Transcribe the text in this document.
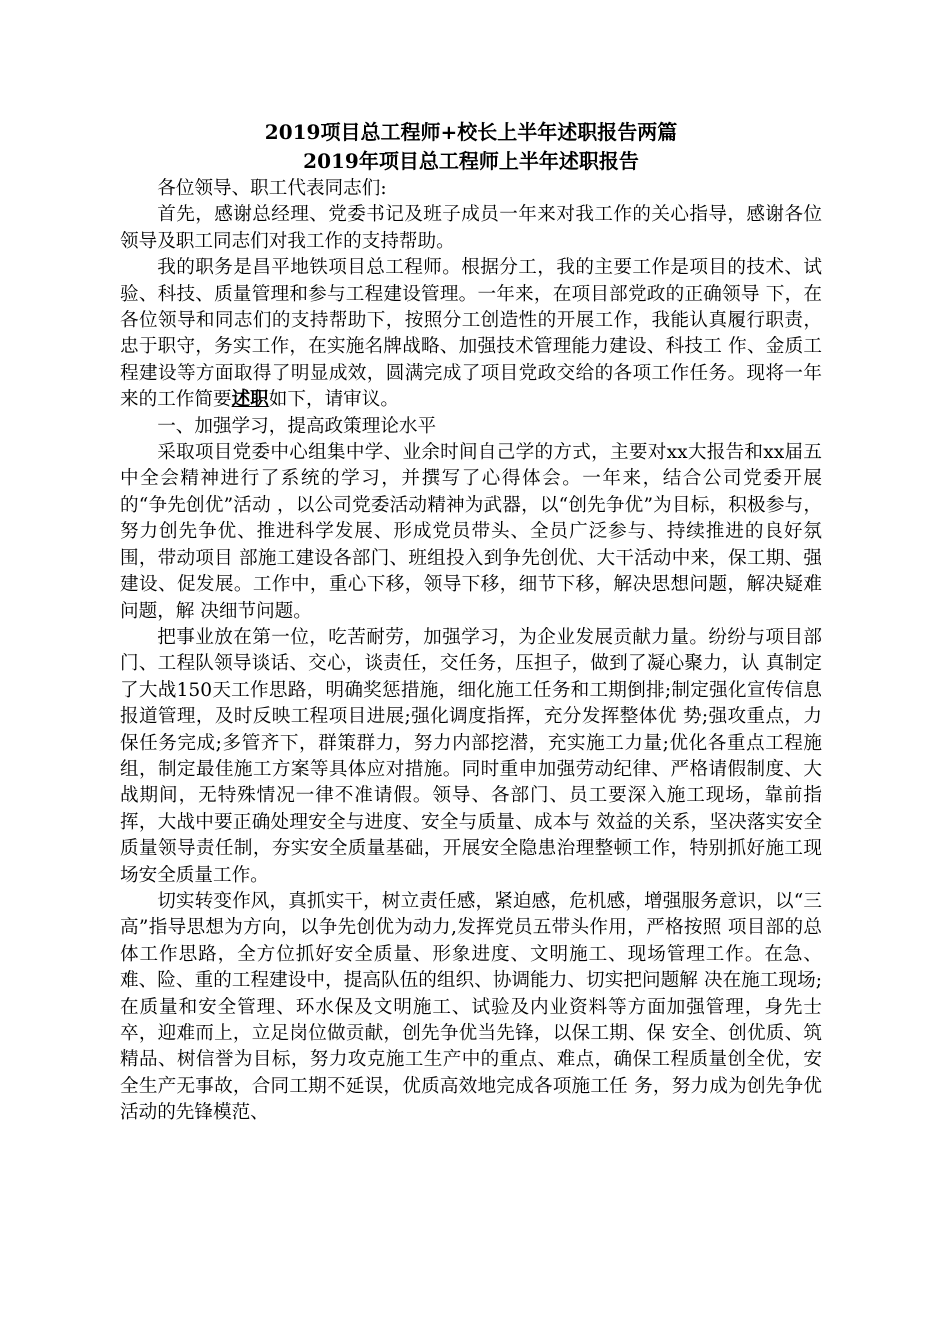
2019项目总工程师+校长上半年述职报告两篇

2019年项目总工程师上半年述职报告

各位领导、职工代表同志们:

首先，感谢总经理、党委书记及班子成员一年来对我工作的关心指导，感谢各位领导及职工同志们对我工作的支持帮助。

我的职务是昌平地铁项目总工程师。根据分工，我的主要工作是项目的技术、试验、科技、质量管理和参与工程建设管理。一年来，在项目部党政的正确领导 下，在各位领导和同志们的支持帮助下，按照分工创造性的开展工作，我能认真履行职责，忠于职守，务实工作，在实施名牌战略、加强技术管理能力建设、科技工 作、金质工程建设等方面取得了明显成效，圆满完成了项目党政交给的各项工作任务。现将一年来的工作简要述职如下，请审议。

一、加强学习，提高政策理论水平

采取项目党委中心组集中学、业余时间自己学的方式，主要对xx大报告和xx届五中全会精神进行了系统的学习，并撰写了心得体会。一年来，结合公司党委开展 的“争先创优”活动 ，以公司党委活动精神为武器，以“创先争优”为目标，积极参与，努力创先争优、推进科学发展、形成党员带头、全员广泛参与、持续推进的良好氛围，带动项目 部施工建设各部门、班组投入到争先创优、大干活动中来，保工期、强建设、促发展。工作中，重心下移，领导下移，细节下移，解决思想问题，解决疑难问题，解 决细节问题。

把事业放在第一位，吃苦耐劳，加强学习，为企业发展贡献力量。纷纷与项目部门、工程队领导谈话、交心，谈责任，交任务，压担子，做到了凝心聚力，认 真制定了大战150天工作思路，明确奖惩措施，细化施工任务和工期倒排;制定强化宣传信息报道管理，及时反映工程项目进展;强化调度指挥，充分发挥整体优 势;强攻重点，力保任务完成;多管齐下，群策群力，努力内部挖潜，充实施工力量;优化各重点工程施组，制定最佳施工方案等具体应对措施。同时重申加强劳动纪律、严格请假制度、大战期间，无特殊情况一律不准请假。领导、各部门、员工要深入施工现场，靠前指挥，大战中要正确处理安全与进度、安全与质量、成本与 效益的关系，坚决落实安全质量领导责任制，夯实安全质量基础，开展安全隐患治理整顿工作，特别抓好施工现场安全质量工作。

切实转变作风，真抓实干，树立责任感，紧迫感，危机感，增强服务意识，以“三高”指导思想为方向，以争先创优为动力,发挥党员五带头作用，严格按照 项目部的总体工作思路，全方位抓好安全质量、形象进度、文明施工、现场管理工作。在急、难、险、重的工程建设中，提高队伍的组织、协调能力、切实把问题解 决在施工现场;在质量和安全管理、环水保及文明施工、试验及内业资料等方面加强管理，身先士卒，迎难而上，立足岗位做贡献，创先争优当先锋，以保工期、保 安全、创优质、筑精品、树信誉为目标，努力攻克施工生产中的重点、难点，确保工程质量创全优，安全生产无事故，合同工期不延误，优质高效地完成各项施工任 务，努力成为创先争优活动的先锋模范、
